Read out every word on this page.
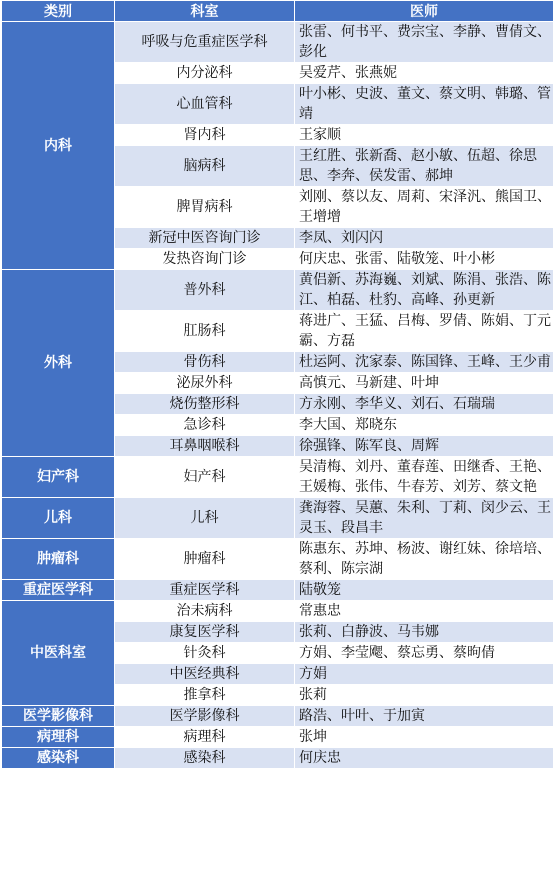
类别	科室	医师
内科	呼吸与危重症医学科	张雷、何书平、费宗宝、李静、曹倩文、彭化
	内分泌科	吴爱芹、张燕妮
	心血管科	叶小彬、史波、董文、蔡文明、韩璐、管靖
	肾内科	王家顺
	脑病科	王红胜、张新喬、赵小敏、伍超、徐思思、李奔、侯发雷、郝坤
	脾胃病科	刘刚、蔡以友、周莉、宋泽汎、熊国卫、王增增
	新冠中医咨询门诊	李凤、刘闪闪
	发热咨询门诊	何庆忠、张雷、陆敬笼、叶小彬
外科	普外科	黄侣新、苏海巍、刘斌、陈涓、张浩、陈江、柏磊、杜豹、高峰、孙更新
	肛肠科	蒋进广、王猛、吕梅、罗倩、陈娟、丁元霸、方磊
	骨伤科	杜运阿、沈家泰、陈国锋、王峰、王少甫
	泌尿外科	高慎元、马新建、叶坤
	烧伤整形科	方永刚、李华义、刘石、石瑞瑞
	急诊科	李大国、郑晓东
	耳鼻咽喉科	徐强锋、陈军良、周辉
妇产科	妇产科	吴清梅、刘丹、董春莲、田继香、王艳、王媛梅、张伟、牛春芳、刘芳、蔡文艳
儿科	儿科	龚海蓉、吴蕙、朱利、丁莉、闵少云、王灵玉、段昌丰
肿瘤科	肿瘤科	陈惠东、苏坤、杨波、谢红妹、徐培培、蔡利、陈宗湖
重症医学科	重症医学科	陆敬笼
中医科室	治未病科	常惠忠
	康复医学科	张莉、白静波、马韦娜
	针灸科	方娟、李莹飔、蔡忘勇、蔡昫倩
	中医经典科	方娟
	推拿科	张莉
医学影像科	医学影像科	路浩、叶叶、于加寅
病理科	病理科	张坤
感染科	感染科	何庆忠
